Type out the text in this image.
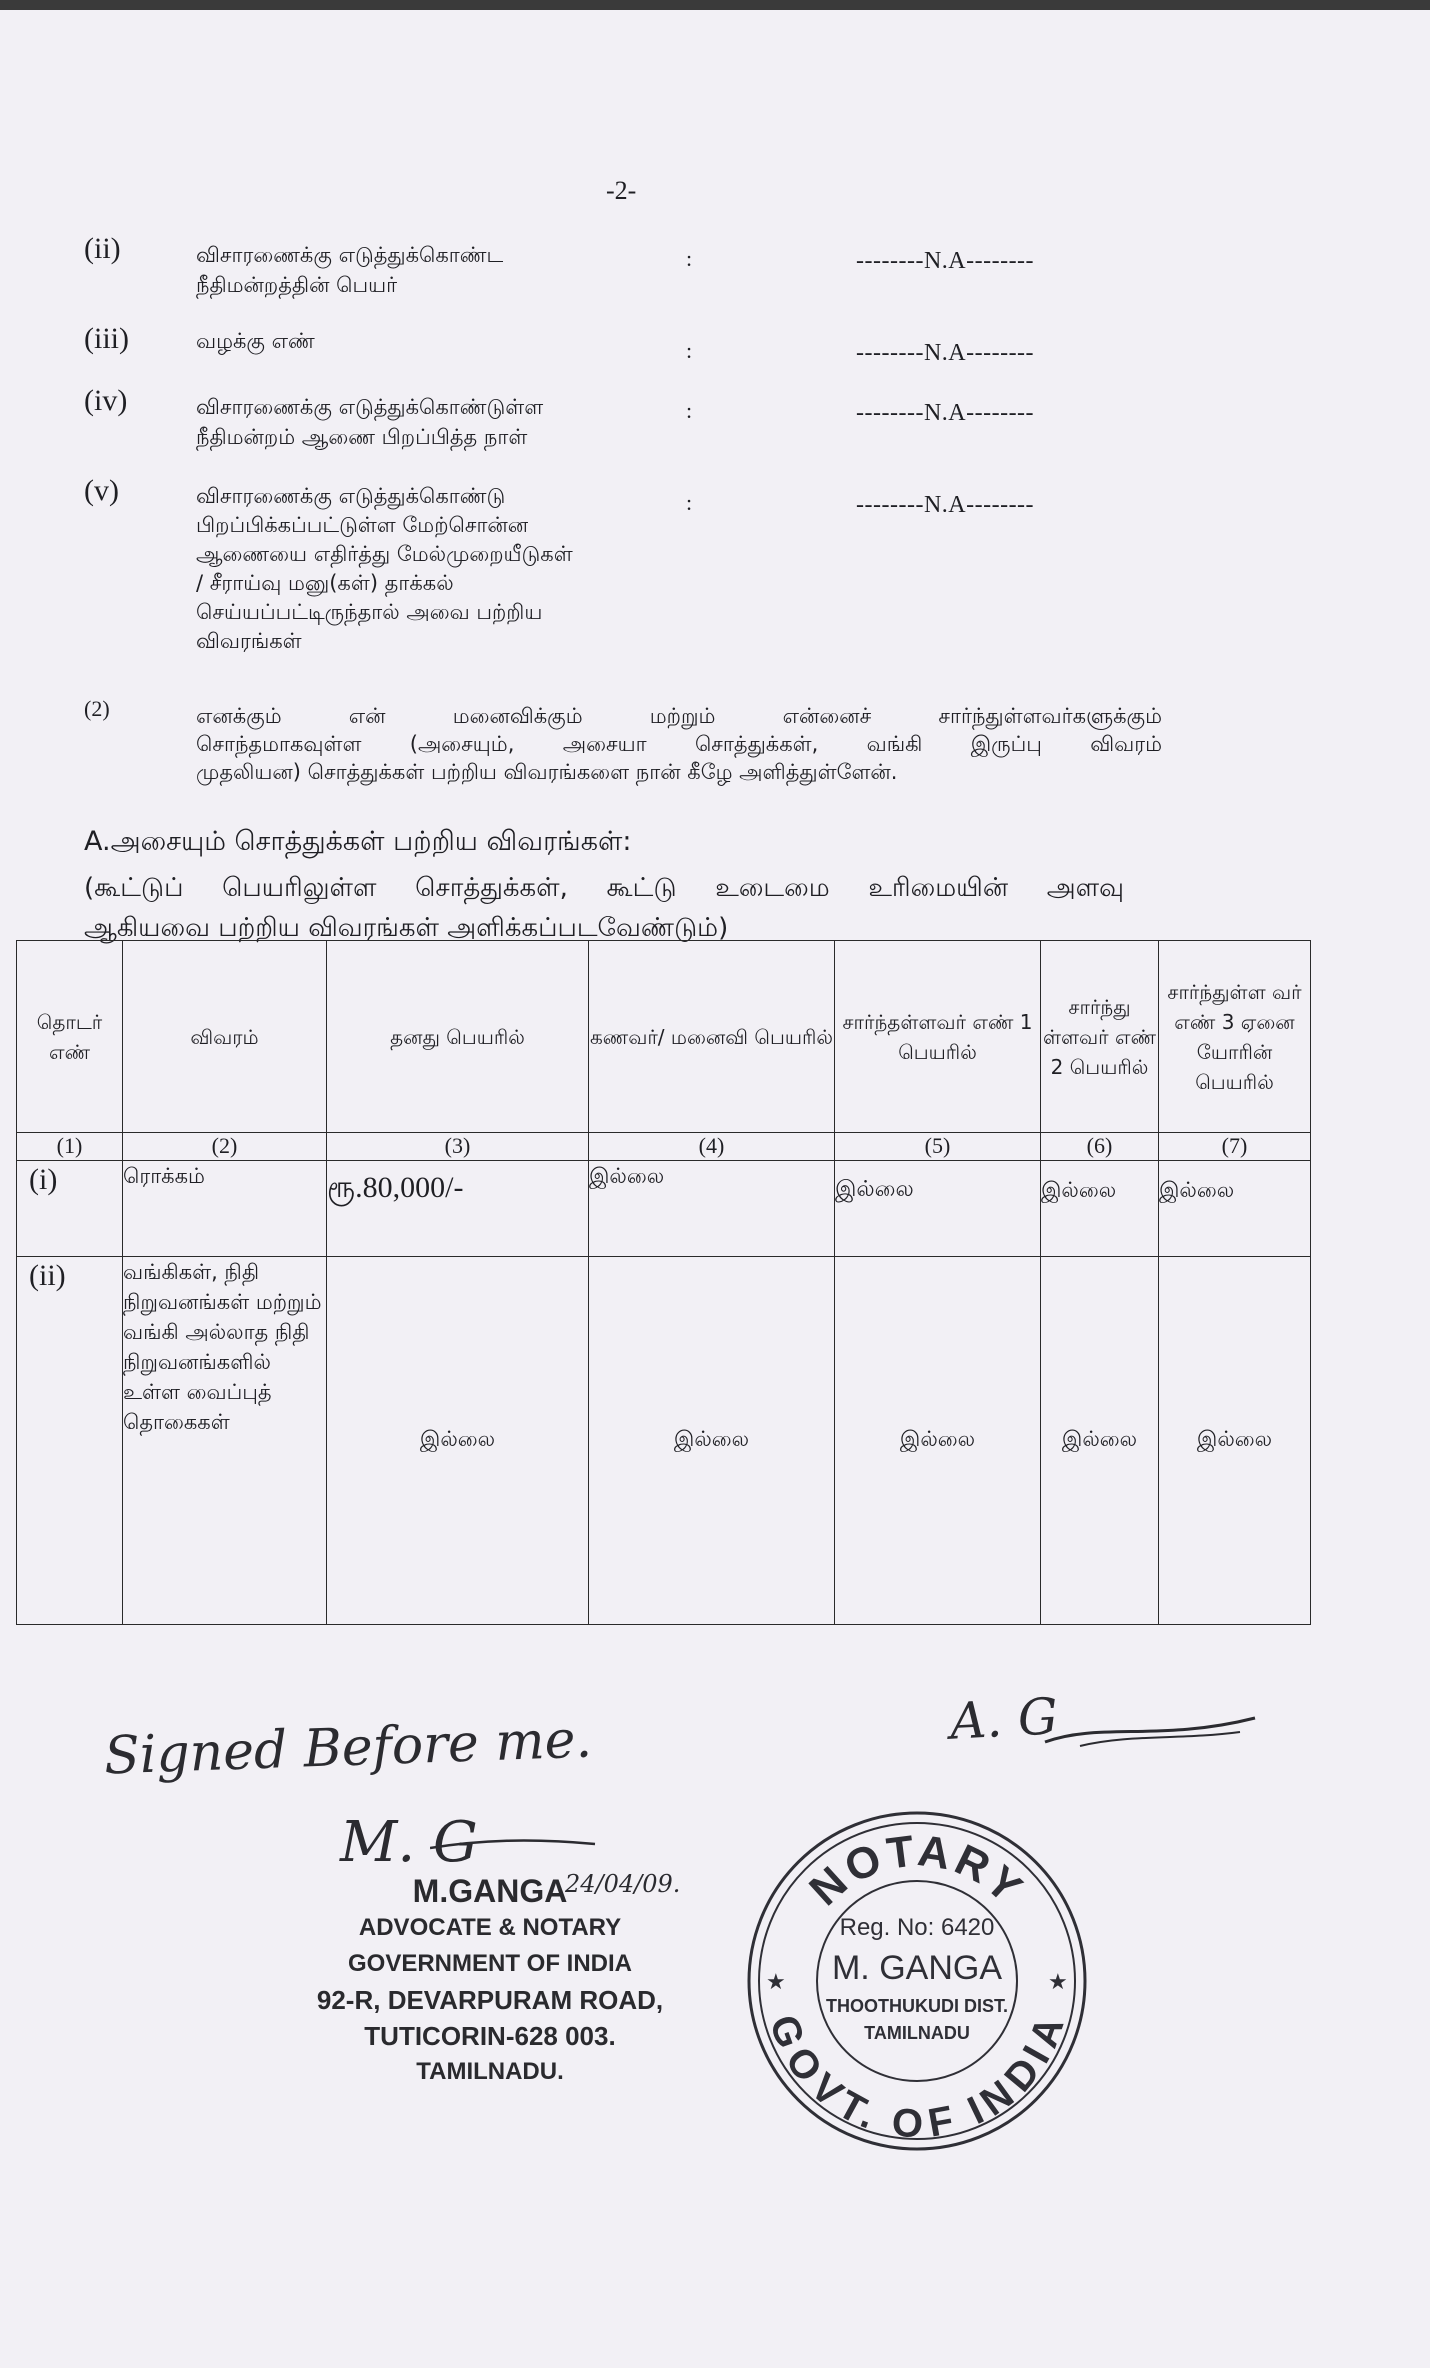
-2-
(ii)	விசாரணைக்கு எடுத்துக்கொண்ட
நீதிமன்றத்தின் பெயர்
:	--------N.A--------
(iii)	வழக்கு எண்	:	--------N.A--------
(iv)	விசாரணைக்கு எடுத்துக்கொண்டுள்ள
நீதிமன்றம் ஆணை பிறப்பித்த நாள்
:	--------N.A--------
(v)	விசாரணைக்கு எடுத்துக்கொண்டு
பிறப்பிக்கப்பட்டுள்ள மேற்சொன்ன
ஆணையை எதிர்த்து மேல்முறையீடுகள்
/ சீராய்வு மனு(கள்) தாக்கல்
செய்யப்பட்டிருந்தால் அவை பற்றிய
விவரங்கள்
:	--------N.A--------
(2)	எனக்கும் என் மனைவிக்கும் மற்றும் என்னைச் சார்ந்துள்ளவர்களுக்கும்
சொந்தமாகவுள்ள (அசையும், அசையா சொத்துக்கள், வங்கி இருப்பு விவரம்
முதலியன) சொத்துக்கள் பற்றிய விவரங்களை நான் கீழே அளித்துள்ளேன்.
A.அசையும் சொத்துக்கள் பற்றிய விவரங்கள்:
(கூட்டுப் பெயரிலுள்ள சொத்துக்கள், கூட்டு உடைமை உரிமையின் அளவு
ஆகியவை பற்றிய விவரங்கள் அளிக்கப்படவேண்டும்)
தொடர் எண்	விவரம்	தனது பெயரில்	கணவர்/ மனைவி பெயரில்	சார்ந்தள்ளவர் எண் 1 பெயரில்	சார்ந்து ள்ளவர் எண் 2 பெயரில்	சார்ந்துள்ள வர் எண் 3 ஏனை யோரின் பெயரில்
(1)	(2)	(3)	(4)	(5)	(6)	(7)
(i)	ரொக்கம்	ரூ.80,000/-	இல்லை	இல்லை	இல்லை	இல்லை
(ii)	வங்கிகள், நிதி நிறுவனங்கள் மற்றும் வங்கி அல்லாத நிதி நிறுவனங்களில் உள்ள வைப்புத் தொகைகள்	இல்லை	இல்லை	இல்லை	இல்லை	இல்லை
Signed Before me.	A. G
M. G
24/04/09.
M.GANGA
ADVOCATE & NOTARY
GOVERNMENT OF INDIA
92-R, DEVARPURAM ROAD,
TUTICORIN-628 003.
TAMILNADU.
NOTARY
GOVT. OF INDIA
★	★
Reg. No: 6420
M. GANGA
THOOTHUKUDI DIST.
TAMILNADU
